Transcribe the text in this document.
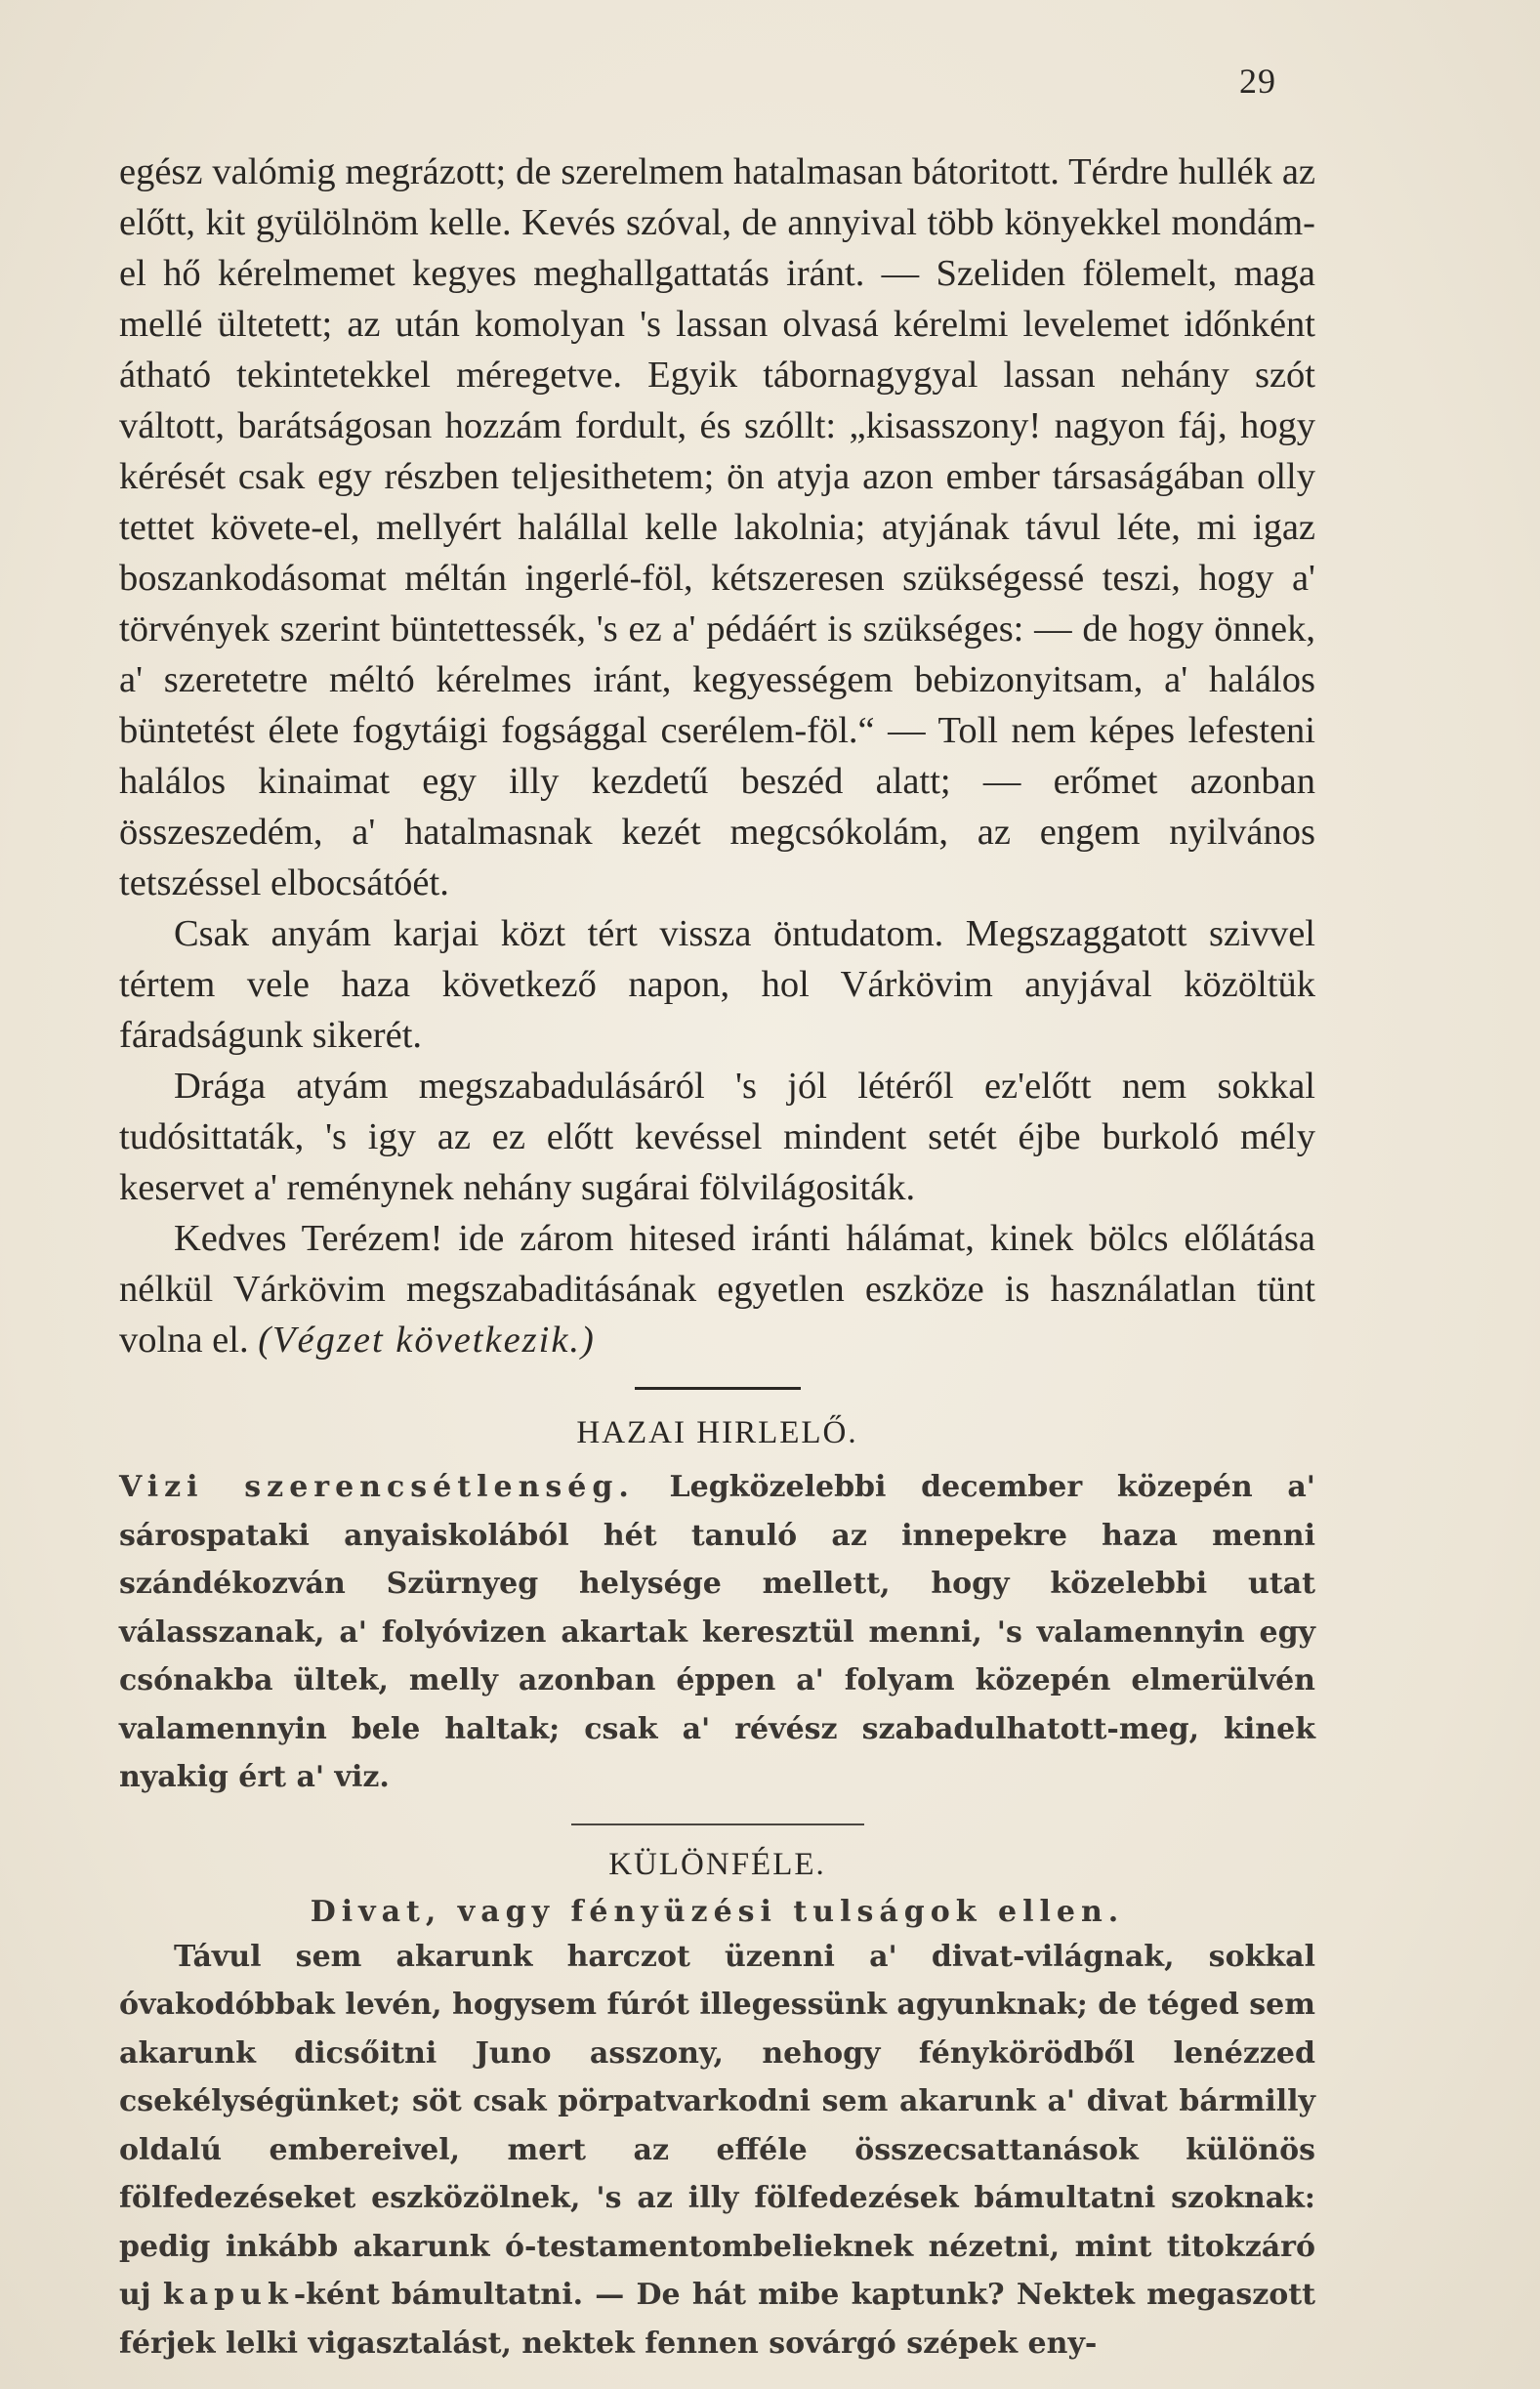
29

egész valómig megrázott; de szerelmem hatalmasan bátoritott. Térdre hullék az előtt, kit gyülölnöm kelle. Kevés szóval, de annyival több könyekkel mondám-el hő kérelmemet kegyes meghallgattatás iránt. — Szeliden fölemelt, maga mellé ültetett; az után komolyan 's lassan olvasá kérelmi levelemet időnként átható tekintetekkel méregetve. Egyik tábornagygyal lassan nehány szót váltott, barátságosan hozzám fordult, és szóllt: „kisasszony! nagyon fáj, hogy kérését csak egy részben teljesithetem; ön atyja azon ember társaságában olly tettet követe-el, mellyért halállal kelle lakolnia; atyjának távul léte, mi igaz boszankodásomat méltán ingerlé-föl, kétszeresen szükségessé teszi, hogy a' törvények szerint büntettessék, 's ez a' pédáért is szükséges: — de hogy önnek, a' szeretetre méltó kérelmes iránt, kegyességem bebizonyitsam, a' halálos büntetést élete fogytáigi fogsággal cserélem-föl.“ — Toll nem képes lefesteni halálos kinaimat egy illy kezdetű beszéd alatt; — erőmet azonban összeszedém, a' hatalmasnak kezét megcsókolám, az engem nyilvános tetszéssel elbocsátóét.

Csak anyám karjai közt tért vissza öntudatom. Megszaggatott szivvel tértem vele haza következő napon, hol Várkövim anyjával közöltük fáradságunk sikerét.

Drága atyám megszabadulásáról 's jól létéről ez'előtt nem sokkal tudósittaták, 's igy az ez előtt kevéssel mindent setét éjbe burkoló mély keservet a' reménynek nehány sugárai fölvilágositák.

Kedves Terézem! ide zárom hitesed iránti hálámat, kinek bölcs előlátása nélkül Várkövim megszabaditásának egyetlen eszköze is használatlan tünt volna el. (Végzet következik.)

HAZAI HIRLELŐ.

Vizi szerencsétlenség. Legközelebbi december közepén a' sárospataki anyaiskolából hét tanuló az innepekre haza menni szándékozván Szürnyeg helysége mellett, hogy közelebbi utat válasszanak, a' folyóvizen akartak keresztül menni, 's valamennyin egy csónakba ültek, melly azonban éppen a' folyam közepén elmerülvén valamennyin bele haltak; csak a' révész szabadulhatott-meg, kinek nyakig ért a' viz.

KÜLÖNFÉLE.
Divat, vagy fényüzési tulságok ellen.

Távul sem akarunk harczot üzenni a' divat-világnak, sokkal óvakodóbbak levén, hogysem fúrót illegessünk agyunknak; de téged sem akarunk dicsőitni Juno asszony, nehogy fénykörödből lenézzed csekélységünket; söt csak pörpatvarkodni sem akarunk a' divat bármilly oldalú embereivel, mert az efféle összecsattanások különös fölfedezéseket eszközölnek, 's az illy fölfedezések bámultatni szoknak: pedig inkább akarunk ó-testamentombelieknek nézetni, mint titokzáró uj kapuk-ként bámultatni. — De hát mibe kaptunk? Nektek megaszott férjek lelki vigasztalást, nektek fennen sovárgó szépek eny-
